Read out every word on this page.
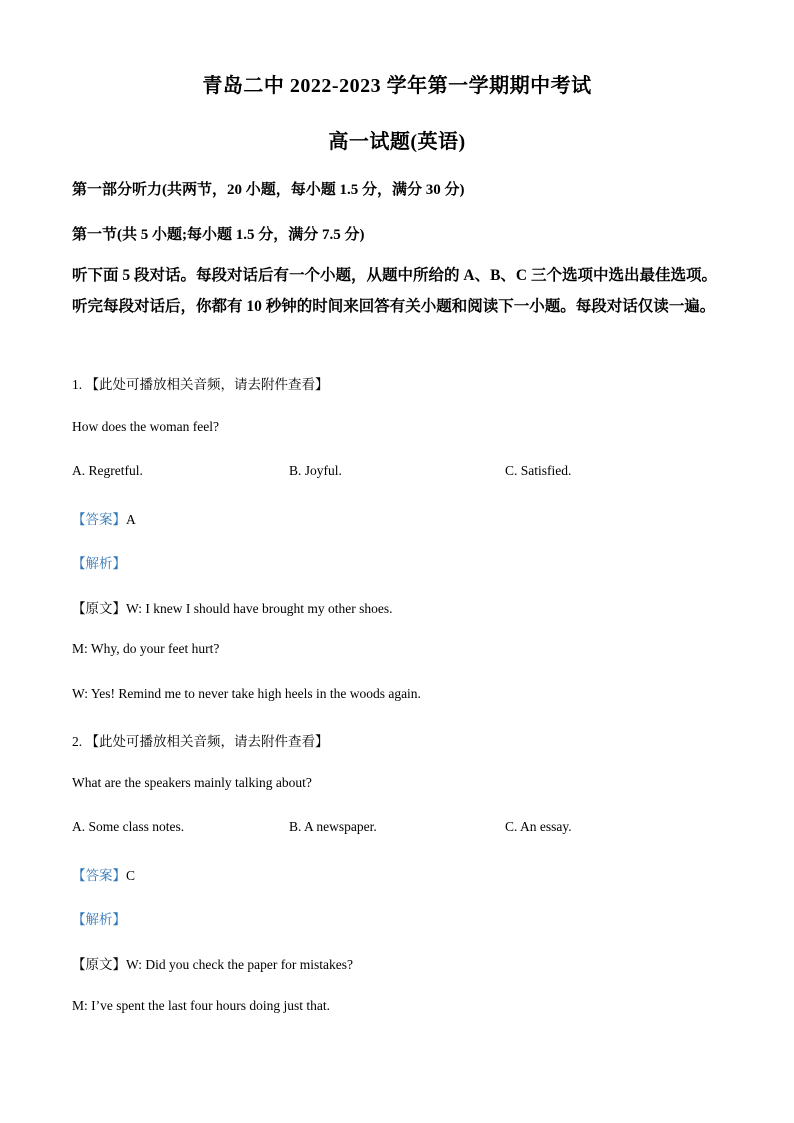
青岛二中 2022-2023 学年第一学期期中考试
高一试题(英语)
第一部分听力(共两节，20 小题，每小题 1.5 分，满分 30 分)
第一节(共 5 小题;每小题 1.5 分，满分 7.5 分)
听下面 5 段对话。每段对话后有一个小题，从题中所给的 A、B、C 三个选项中选出最佳选项。听完每段对话后，你都有 10 秒钟的时间来回答有关小题和阅读下一小题。每段对话仅读一遍。
1. 【此处可播放相关音频，请去附件查看】
How does the woman feel?
A. Regretful.	B. Joyful.	C. Satisfied.
【答案】A
【解析】
【原文】W: I knew I should have brought my other shoes.
M: Why, do your feet hurt?
W: Yes! Remind me to never take high heels in the woods again.
2. 【此处可播放相关音频，请去附件查看】
What are the speakers mainly talking about?
A. Some class notes.	B. A newspaper.	C. An essay.
【答案】C
【解析】
【原文】W: Did you check the paper for mistakes?
M: I’ve spent the last four hours doing just that.
